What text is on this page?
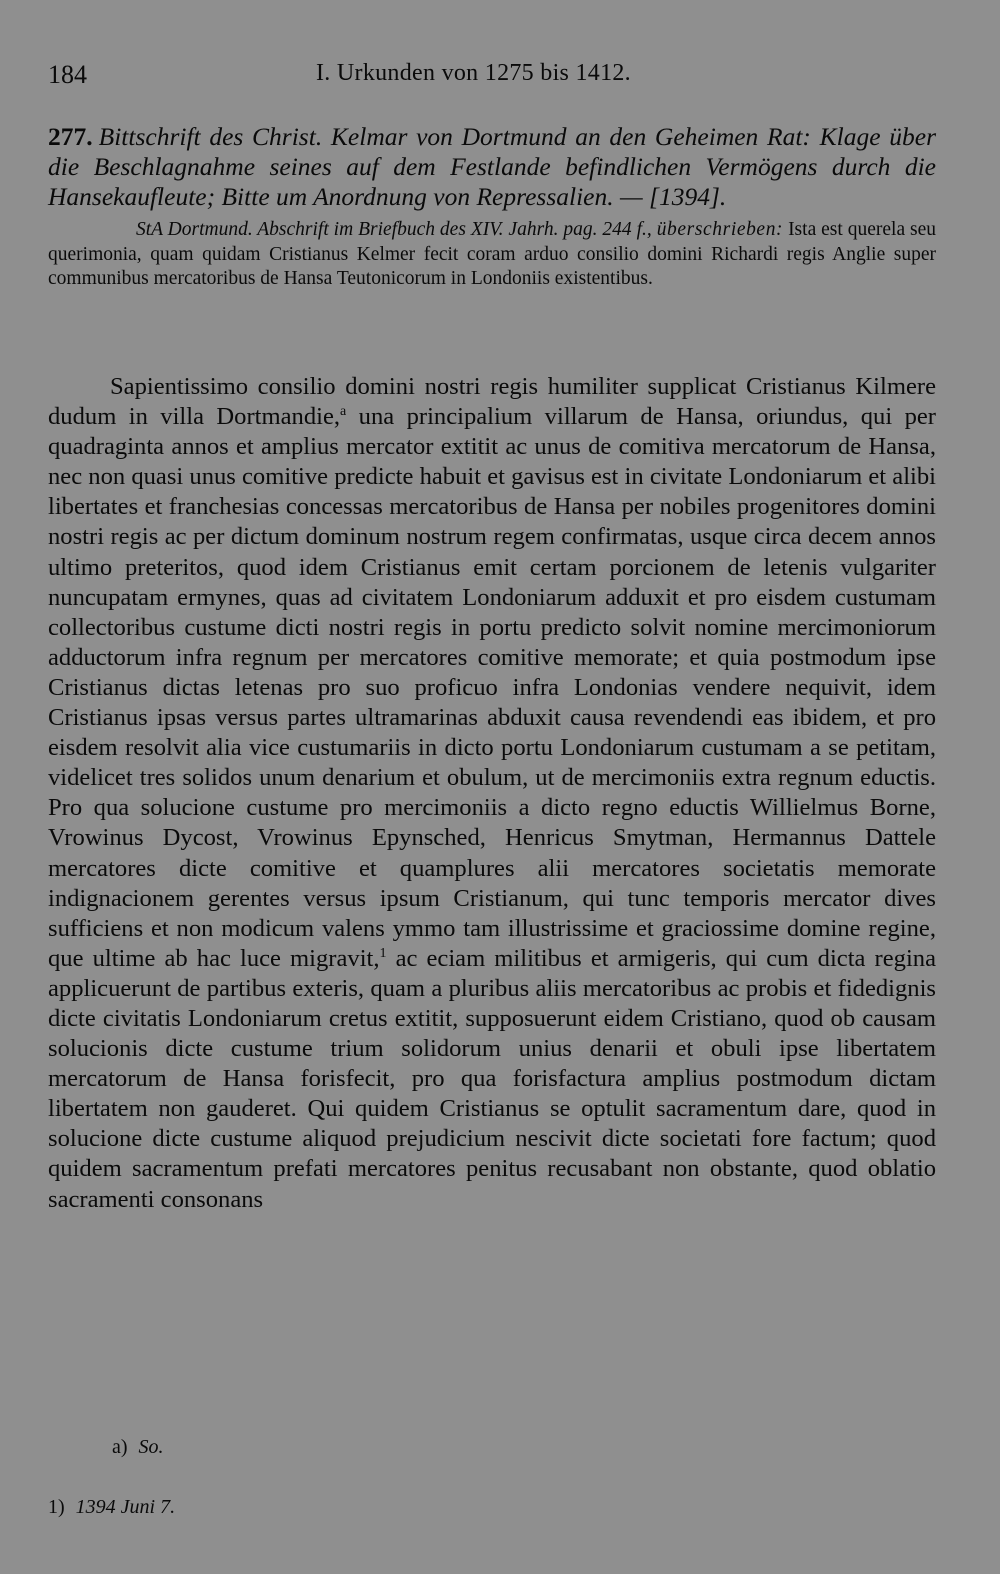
184	I. Urkunden von 1275 bis 1412.

277. Bittschrift des Christ. Kelmar von Dortmund an den Geheimen Rat: Klage über die Beschlagnahme seines auf dem Festlande befindlichen Vermögens durch die Hansekaufleute; Bitte um Anordnung von Repressalien. — [1394].

StA Dortmund. Abschrift im Briefbuch des XIV. Jahrh. pag. 244 f., überschrieben: Ista est querela seu querimonia, quam quidam Cristianus Kelmer fecit coram arduo consilio domini Richardi regis Anglie super communibus mercatoribus de Hansa Teutonicorum in Londoniis existentibus.

Sapientissimo consilio domini nostri regis humiliter supplicat Cristianus Kilmere dudum in villa Dortmandie,$^a$ una principalium villarum de Hansa, oriundus, qui per quadraginta annos et amplius mercator extitit ac unus de comitiva mercatorum de Hansa, nec non quasi unus comitive predicte habuit et gavisus est in civitate Londoniarum et alibi libertates et franchesias concessas mercatoribus de Hansa per nobiles progenitores domini nostri regis ac per dictum dominum nostrum regem confirmatas, usque circa decem annos ultimo preteritos, quod idem Cristianus emit certam porcionem de letenis vulgariter nuncupatam ermynes, quas ad civitatem Londoniarum adduxit et pro eisdem custumam collectoribus custume dicti nostri regis in portu predicto solvit nomine mercimoniorum adductorum infra regnum per mercatores comitive memorate; et quia postmodum ipse Cristianus dictas letenas pro suo proficuo infra Londonias vendere nequivit, idem Cristianus ipsas versus partes ultramarinas abduxit causa revendendi eas ibidem, et pro eisdem resolvit alia vice custumariis in dicto portu Londoniarum custumam a se petitam, videlicet tres solidos unum denarium et obulum, ut de mercimoniis extra regnum eductis. Pro qua solucione custume pro mercimoniis a dicto regno eductis Willielmus Borne, Vrowinus Dycost, Vrowinus Epynsched, Henricus Smytman, Hermannus Dattele mercatores dicte comitive et quamplures alii mercatores societatis memorate indignacionem gerentes versus ipsum Cristianum, qui tunc temporis mercator dives sufficiens et non modicum valens ymmo tam illustrissime et graciossime domine regine, que ultime ab hac luce migravit,$^1$ ac eciam militibus et armigeris, qui cum dicta regina applicuerunt de partibus exteris, quam a pluribus aliis mercatoribus ac probis et fidedignis dicte civitatis Londoniarum cretus extitit, supposuerunt eidem Cristiano, quod ob causam solucionis dicte custume trium solidorum unius denarii et obuli ipse libertatem mercatorum de Hansa forisfecit, pro qua forisfactura amplius postmodum dictam libertatem non gauderet. Qui quidem Cristianus se optulit sacramentum dare, quod in solucione dicte custume aliquod prejudicium nescivit dicte societati fore factum; quod quidem sacramentum prefati mercatores penitus recusabant non obstante, quod oblatio sacramenti consonans

a) So.
1) 1394 Juni 7.
